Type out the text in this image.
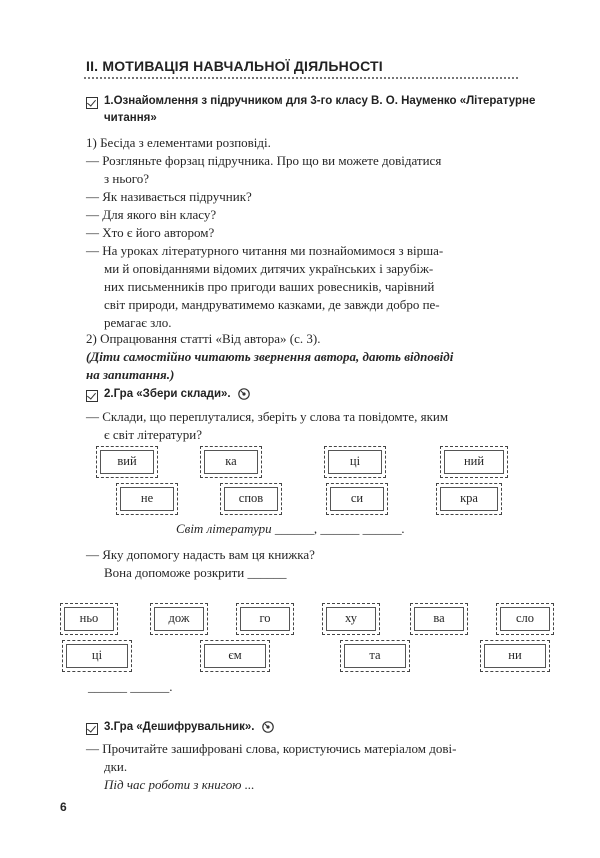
II. МОТИВАЦІЯ НАВЧАЛЬНОЇ ДІЯЛЬНОСТІ
1.Ознайомлення з підручником для 3-го класу В. О. Науменко «Літературне
читання»
1) Бесіда з елементами розповіді.
— Розгляньте форзац підручника. Про що ви можете довідатися
з нього?
— Як називається підручник?
— Для якого він класу?
— Хто є його автором?
— На уроках літературного читання ми познайомимося з вірша-
ми й оповіданнями відомих дитячих українських і зарубіж-
них письменників про пригоди ваших ровесників, чарівний
світ природи, мандруватимемо казками, де завжди добро пе-
ремагає зло.
2) Опрацювання статті «Від автора» (с. 3).
(Діти самостійно читають звернення автора, дають відповіді
на запитання.)
2.Гра «Збери склади».
— Склади, що переплуталися, зберіть у слова та повідомте, яким
є світ літератури?
вий	ка	ці	ний
не	спов	си	кра
Світ літератури ______, ______ ______.
— Яку допомогу надасть вам ця книжка?
Вона допоможе розкрити ______
ньо	дож	го	ху	ва	сло
ці	єм	та	ни
______ ______.
3.Гра «Дешифрувальник».
— Прочитайте зашифровані слова, користуючись матеріалом дові-
дки.
Під час роботи з книгою ...
6
